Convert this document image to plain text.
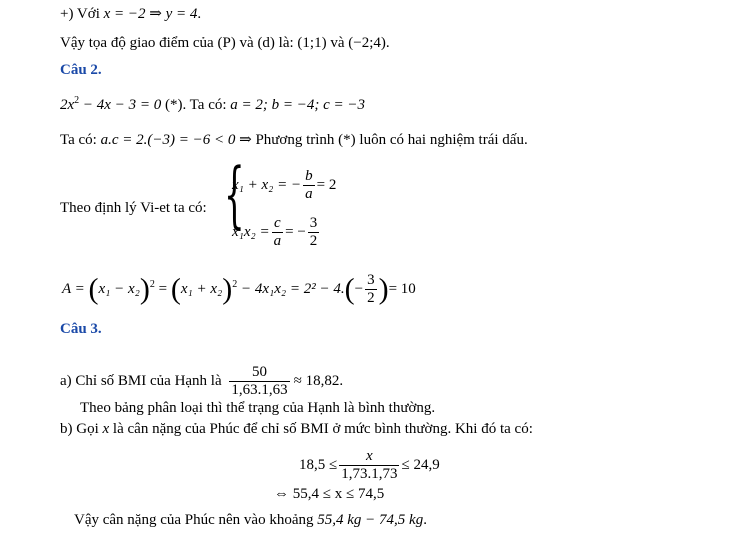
+) Với x = −2 ⇒ y = 4.
Vậy tọa độ giao điểm của (P) và (d) là: (1;1) và (−2;4).
Câu 2.
$2x^2 - 4x - 3 = 0$ (*). Ta có: a = 2; b = −4; c = −3
Ta có: a.c = 2.(−3) = −6 < 0 ⇒ Phương trình (*) luôn có hai nghiệm trái dấu.
Theo định lý Vi-et ta có: {
x₁ + x₂ = − $\frac{b}{a} = 2$
$x_1x_2 = \frac{c}{a}$ = − $\frac{3}{2}$
$A = (x_1 - x_2)^2 = (x_1 + x_2)^2 - 4x_1x_2 = 2^2 - 4.(- \frac{3}{2}$ )= 10
Câu 3.
a) Chỉ số BMI của Hạnh là $\frac{50}{1,63.1,63} \approx 18,82$.
Theo bảng phân loại thì thể trạng của Hạnh là bình thường.
b) Gọi x là cân nặng của Phúc để chỉ số BMI ở mức bình thường. Khi đó ta có:
$18,5 \le \frac{x}{1,73.1,73} \le 24,9$
⇔ 55,4 ≤ x ≤ 74,5
Vậy cân nặng của Phúc nên vào khoảng 55,4 kg − 74,5 kg.
